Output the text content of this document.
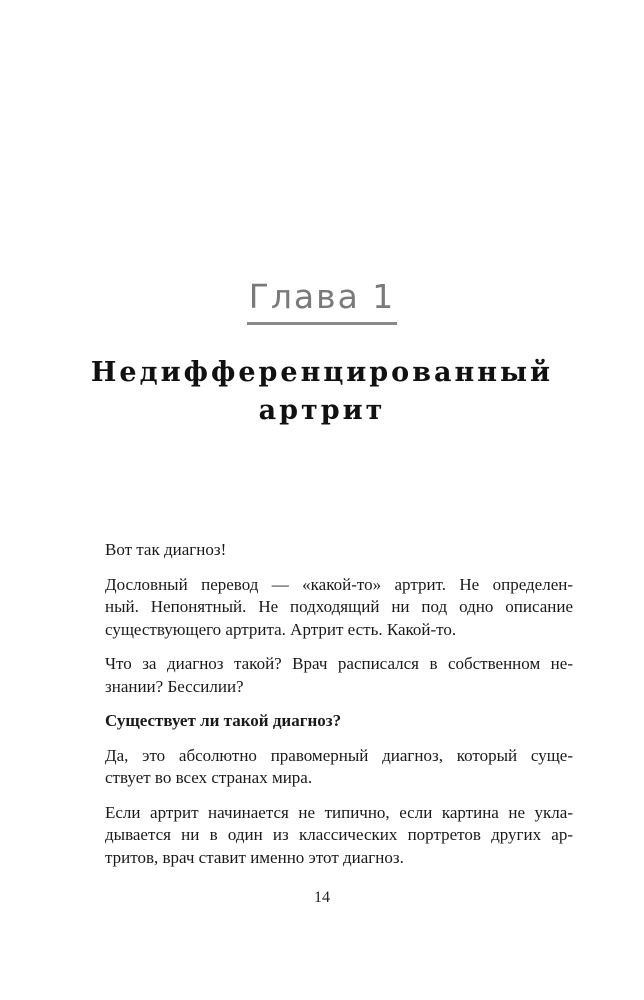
Глава 1
Недифференцированный
артрит

Вот так диагноз!

Дословный перевод — «какой-то» артрит. Не определен-
ный. Непонятный. Не подходящий ни под одно описание
существующего артрита. Артрит есть. Какой-то.

Что за диагноз такой? Врач расписался в собственном не-
знании? Бессилии?

Существует ли такой диагноз?

Да, это абсолютно правомерный диагноз, который суще-
ствует во всех странах мира.

Если артрит начинается не типично, если картина не укла-
дывается ни в один из классических портретов других ар-
тритов, врач ставит именно этот диагноз.

14
